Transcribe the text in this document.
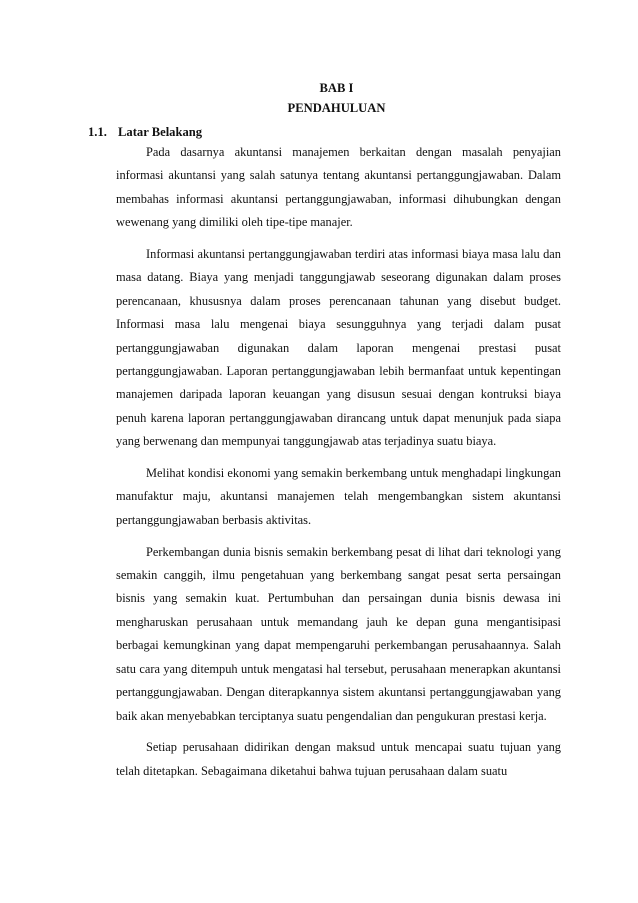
BAB I
PENDAHULUAN
1.1. Latar Belakang

Pada dasarnya akuntansi manajemen berkaitan dengan masalah penyajian informasi akuntansi yang salah satunya tentang akuntansi pertanggungjawaban. Dalam membahas informasi akuntansi pertanggungjawaban, informasi dihubungkan dengan wewenang yang dimiliki oleh tipe-tipe manajer.

Informasi akuntansi pertanggungjawaban terdiri atas informasi biaya masa lalu dan masa datang. Biaya yang menjadi tanggungjawab seseorang digunakan dalam proses perencanaan, khususnya dalam proses perencanaan tahunan yang disebut budget. Informasi masa lalu mengenai biaya sesungguhnya yang terjadi dalam pusat pertanggungjawaban digunakan dalam laporan mengenai prestasi pusat pertanggungjawaban. Laporan pertanggungjawaban lebih bermanfaat untuk kepentingan manajemen daripada laporan keuangan yang disusun sesuai dengan kontruksi biaya penuh karena laporan pertanggungjawaban dirancang untuk dapat menunjuk pada siapa yang berwenang dan mempunyai tanggungjawab atas terjadinya suatu biaya.

Melihat kondisi ekonomi yang semakin berkembang untuk menghadapi lingkungan manufaktur maju, akuntansi manajemen telah mengembangkan sistem akuntansi pertanggungjawaban berbasis aktivitas.

Perkembangan dunia bisnis semakin berkembang pesat di lihat dari teknologi yang semakin canggih, ilmu pengetahuan yang berkembang sangat pesat serta persaingan bisnis yang semakin kuat. Pertumbuhan dan persaingan dunia bisnis dewasa ini mengharuskan perusahaan untuk memandang jauh ke depan guna mengantisipasi berbagai kemungkinan yang dapat mempengaruhi perkembangan perusahaannya. Salah satu cara yang ditempuh untuk mengatasi hal tersebut, perusahaan menerapkan akuntansi pertanggungjawaban. Dengan diterapkannya sistem akuntansi pertanggungjawaban yang baik akan menyebabkan terciptanya suatu pengendalian dan pengukuran prestasi kerja.

Setiap perusahaan didirikan dengan maksud untuk mencapai suatu tujuan yang telah ditetapkan. Sebagaimana diketahui bahwa tujuan perusahaan dalam suatu
